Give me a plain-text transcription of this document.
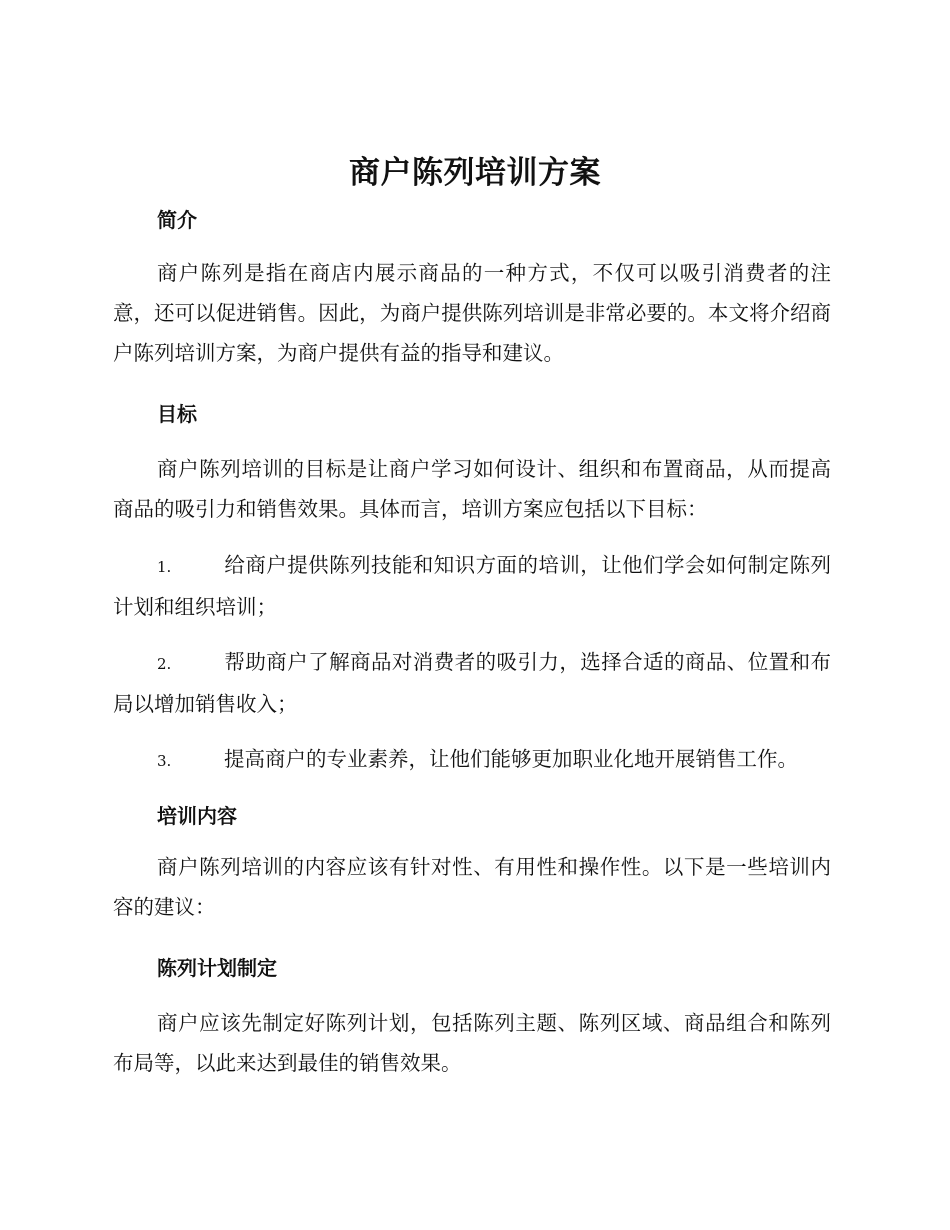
商户陈列培训方案
简介

商户陈列是指在商店内展示商品的一种方式，不仅可以吸引消费者的注意，还可以促进销售。因此，为商户提供陈列培训是非常必要的。本文将介绍商户陈列培训方案，为商户提供有益的指导和建议。

目标

商户陈列培训的目标是让商户学习如何设计、组织和布置商品，从而提高商品的吸引力和销售效果。具体而言，培训方案应包括以下目标：

1.	给商户提供陈列技能和知识方面的培训，让他们学会如何制定陈列计划和组织培训；

2.	帮助商户了解商品对消费者的吸引力，选择合适的商品、位置和布局以增加销售收入；

3.	提高商户的专业素养，让他们能够更加职业化地开展销售工作。

培训内容

商户陈列培训的内容应该有针对性、有用性和操作性。以下是一些培训内容的建议：

陈列计划制定

商户应该先制定好陈列计划，包括陈列主题、陈列区域、商品组合和陈列布局等，以此来达到最佳的销售效果。
